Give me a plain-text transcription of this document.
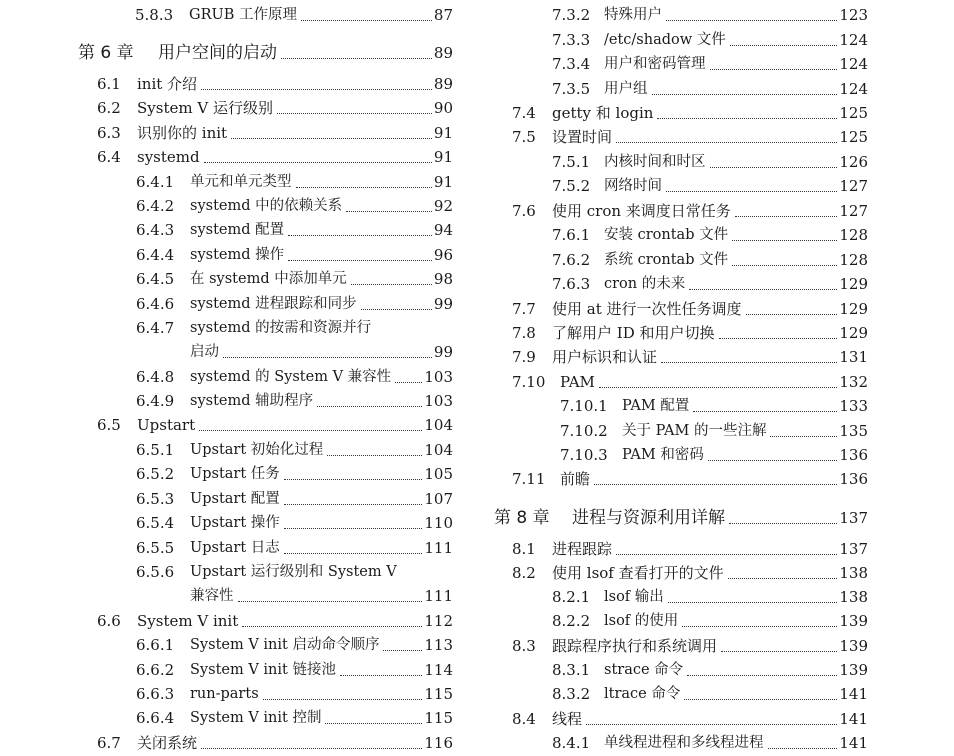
5.8.3	GRUB 工作原理	87
第 6 章	用户空间的启动	89
6.1	init 介绍	89
6.2	System V 运行级别	90
6.3	识别你的 init	91
6.4	systemd	91
6.4.1	单元和单元类型	91
6.4.2	systemd 中的依赖关系	92
6.4.3	systemd 配置	94
6.4.4	systemd 操作	96
6.4.5	在 systemd 中添加单元	98
6.4.6	systemd 进程跟踪和同步	99
6.4.7	systemd 的按需和资源并行
启动	99
6.4.8	systemd 的 System V 兼容性 103
6.4.9	systemd 辅助程序	103
6.5	Upstart	104
6.5.1	Upstart 初始化过程	104
6.5.2	Upstart 任务	105
6.5.3	Upstart 配置	107
6.5.4	Upstart 操作	110
6.5.5	Upstart 日志	111
6.5.6	Upstart 运行级别和 System V
兼容性	111
6.6	System V init	112
6.6.1	System V init 启动命令顺序	113
6.6.2	System V init 链接池	114
6.6.3	run-parts	115
6.6.4	System V init 控制	115
6.7	关闭系统	116
7.3.2 特殊用户	123
7.3.3 /etc/shadow 文件	124
7.3.4 用户和密码管理	124
7.3.5 用户组	124
7.4	getty 和 login	125
7.5	设置时间	125
7.5.1 内核时间和时区	126
7.5.2 网络时间	127
7.6	使用 cron 来调度日常任务	127
7.6.1 安装 crontab 文件	128
7.6.2 系统 crontab 文件	128
7.6.3 cron 的未来	129
7.7	使用 at 进行一次性任务调度	129
7.8	了解用户 ID 和用户切换	129
7.9	用户标识和认证	131
7.10 PAM	132
7.10.1 PAM 配置	133
7.10.2 关于 PAM 的一些注解	135
7.10.3 PAM 和密码	136
7.11 前瞻	136
第 8 章	进程与资源利用详解	137
8.1	进程跟踪	137
8.2	使用 lsof 查看打开的文件	138
8.2.1 lsof 输出	138
8.2.2 lsof 的使用	139
8.3	跟踪程序执行和系统调用	139
8.3.1 strace 命令	139
8.3.2 ltrace 命令	141
8.4	线程	141
8.4.1 单线程进程和多线程进程	141
